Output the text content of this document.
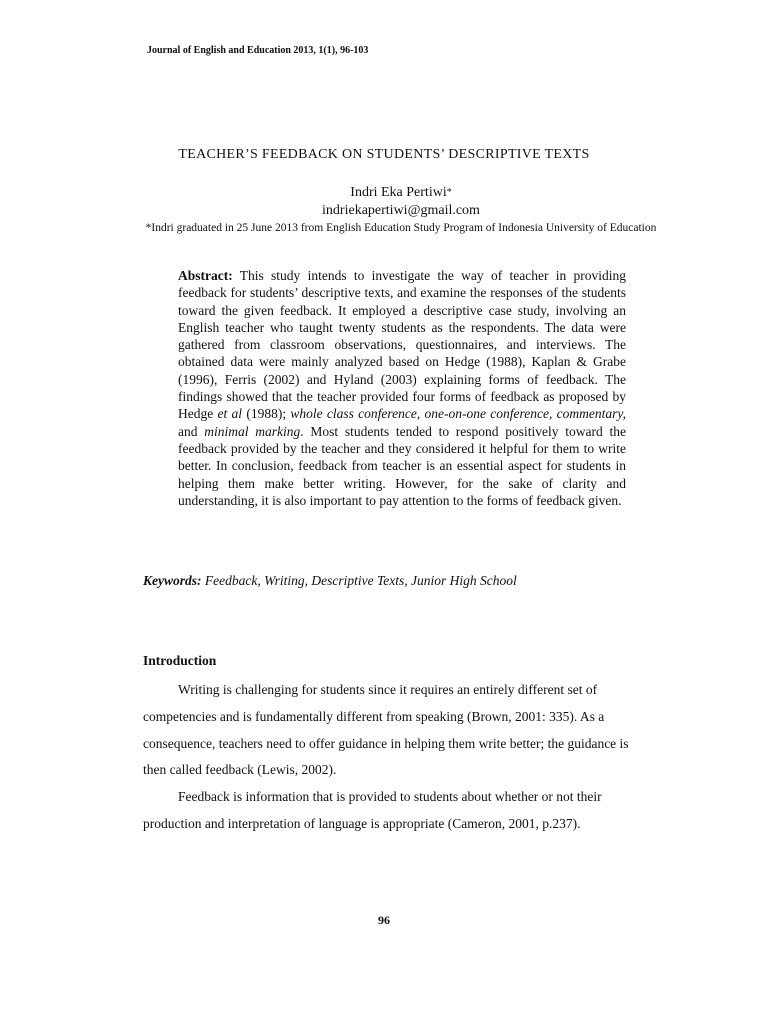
Journal of English and Education 2013, 1(1), 96-103
TEACHER’S FEEDBACK ON STUDENTS’ DESCRIPTIVE TEXTS
Indri Eka Pertiwi*
indriekapertiwi@gmail.com
*Indri graduated in 25 June 2013 from English Education Study Program of Indonesia University of Education

Abstract: This study intends to investigate the way of teacher in providing feedback for students’ descriptive texts, and examine the responses of the students toward the given feedback. It employed a descriptive case study, involving an English teacher who taught twenty students as the respondents. The data were gathered from classroom observations, questionnaires, and interviews. The obtained data were mainly analyzed based on Hedge (1988), Kaplan & Grabe (1996), Ferris (2002) and Hyland (2003) explaining forms of feedback. The findings showed that the teacher provided four forms of feedback as proposed by Hedge et al (1988); whole class conference, one-on-one conference, commentary, and minimal marking. Most students tended to respond positively toward the feedback provided by the teacher and they considered it helpful for them to write better. In conclusion, feedback from teacher is an essential aspect for students in helping them make better writing. However, for the sake of clarity and understanding, it is also important to pay attention to the forms of feedback given.

Keywords: Feedback, Writing, Descriptive Texts, Junior High School

Introduction

Writing is challenging for students since it requires an entirely different set of competencies and is fundamentally different from speaking (Brown, 2001: 335). As a consequence, teachers need to offer guidance in helping them write better; the guidance is then called feedback (Lewis, 2002).

Feedback is information that is provided to students about whether or not their production and interpretation of language is appropriate (Cameron, 2001, p.237).

96
